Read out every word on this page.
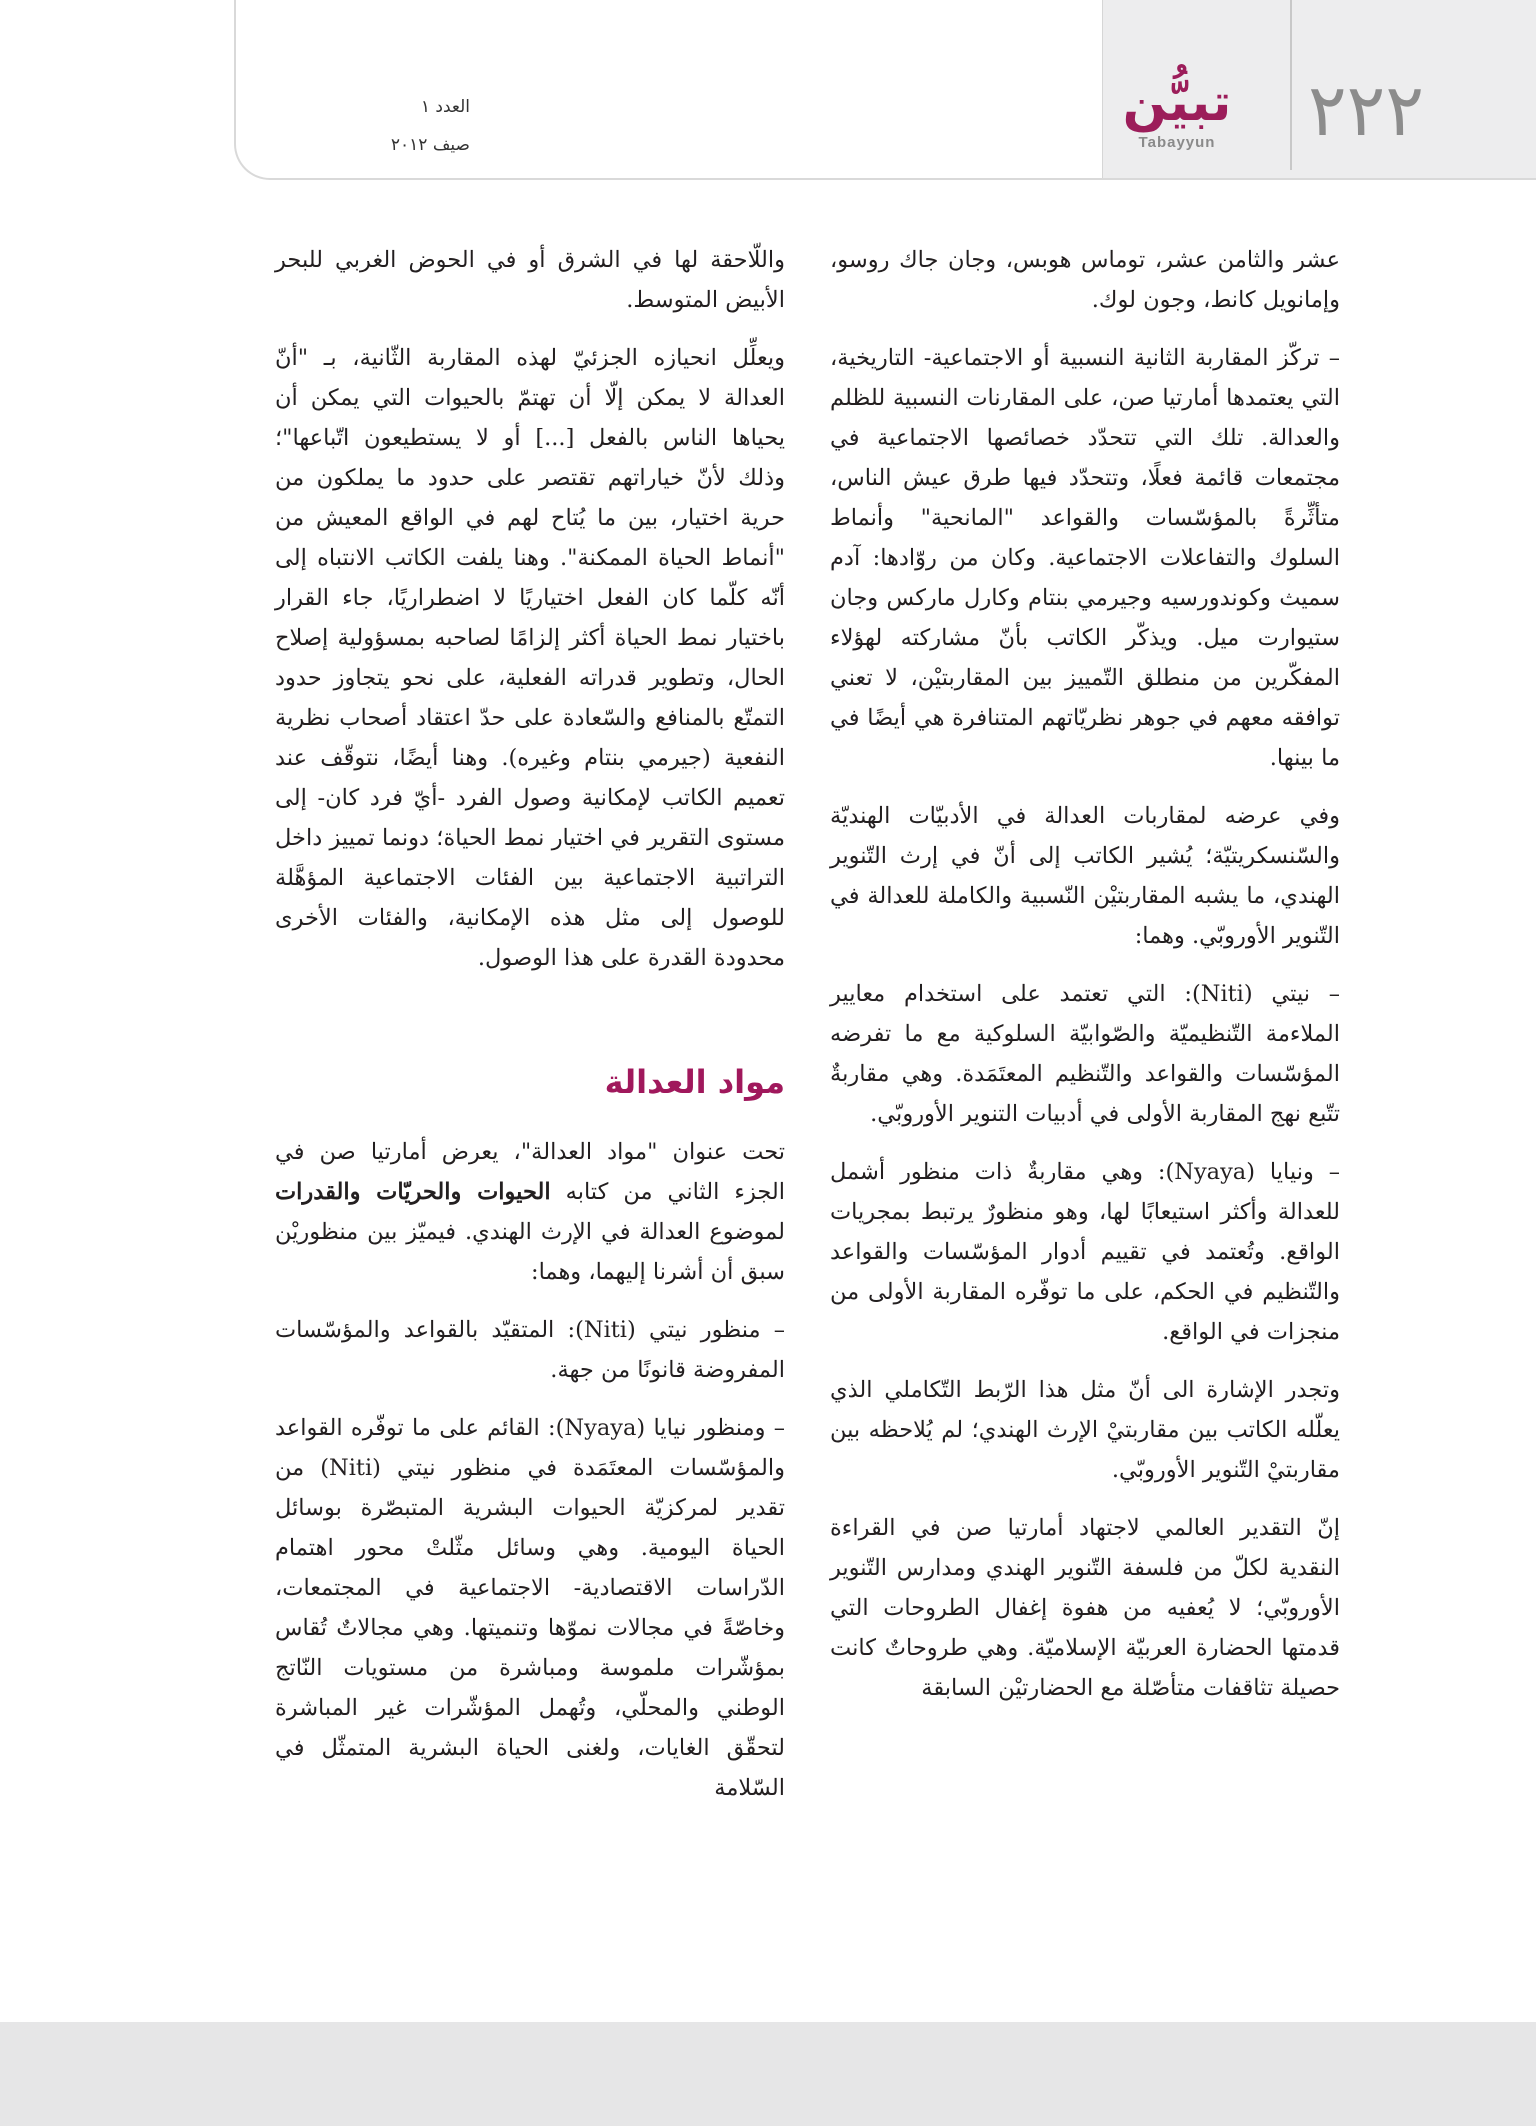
٢٢٢
تبيُّن
Tabayyun
العدد ١
صيف ٢٠١٢

عشر والثامن عشر، توماس هوبس، وجان جاك روسو، وإمانويل كانط، وجون لوك.

– تركّز المقاربة الثانية النسبية أو الاجتماعية- التاريخية، التي يعتمدها أمارتيا صن، على المقارنات النسبية للظلم والعدالة. تلك التي تتحدّد خصائصها الاجتماعية في مجتمعات قائمة فعلًا، وتتحدّد فيها طرق عيش الناس، متأثِّرةً بالمؤسّسات والقواعد "المانحية" وأنماط السلوك والتفاعلات الاجتماعية. وكان من روّادها: آدم سميث وكوندورسيه وجيرمي بنتام وكارل ماركس وجان ستيوارت ميل. ويذكّر الكاتب بأنّ مشاركته لهؤلاء المفكّرين من منطلق التّمييز بين المقاربتيْن، لا تعني توافقه معهم في جوهر نظريّاتهم المتنافرة هي أيضًا في ما بينها.

وفي عرضه لمقاربات العدالة في الأدبيّات الهنديّة والسّنسكريتيّة؛ يُشير الكاتب إلى أنّ في إرث التّنوير الهندي، ما يشبه المقاربتيْن النّسبية والكاملة للعدالة في التّنوير الأوروبّي. وهما:

– نيتي (Niti): التي تعتمد على استخدام معايير الملاءمة التّنظيميّة والصّوابيّة السلوكية مع ما تفرضه المؤسّسات والقواعد والتّنظيم المعتَمَدة. وهي مقاربةٌ تتّبع نهج المقاربة الأولى في أدبيات التنوير الأوروبّي.

– ونيايا (Nyaya): وهي مقاربةٌ ذات منظور أشمل للعدالة وأكثر استيعابًا لها، وهو منظورٌ يرتبط بمجريات الواقع. وتُعتمد في تقييم أدوار المؤسّسات والقواعد والتّنظيم في الحكم، على ما توفّره المقاربة الأولى من منجزات في الواقع.

وتجدر الإشارة الى أنّ مثل هذا الرّبط التّكاملي الذي يعلّله الكاتب بين مقاربتيْ الإرث الهندي؛ لم يُلاحظه بين مقاربتيْ التّنوير الأوروبّي.

إنّ التقدير العالمي لاجتهاد أمارتيا صن في القراءة النقدية لكلّ من فلسفة التّنوير الهندي ومدارس التّنوير الأوروبّي؛ لا يُعفيه من هفوة إغفال الطروحات التي قدمتها الحضارة العربيّة الإسلاميّة. وهي طروحاتٌ كانت حصيلة تثاقفات متأصّلة مع الحضارتيْن السابقة

واللّاحقة لها في الشرق أو في الحوض الغربي للبحر الأبيض المتوسط.

ويعلِّل انحيازه الجزئيّ لهذه المقاربة الثّانية، بـ "أنّ العدالة لا يمكن إلّا أن تهتمّ بالحيوات التي يمكن أن يحياها الناس بالفعل [...] أو لا يستطيعون اتّباعها"؛ وذلك لأنّ خياراتهم تقتصر على حدود ما يملكون من حرية اختيار، بين ما يُتاح لهم في الواقع المعيش من "أنماط الحياة الممكنة". وهنا يلفت الكاتب الانتباه إلى أنّه كلّما كان الفعل اختياريًا لا اضطراريًا، جاء القرار باختيار نمط الحياة أكثر إلزامًا لصاحبه بمسؤولية إصلاح الحال، وتطوير قدراته الفعلية، على نحو يتجاوز حدود التمتّع بالمنافع والسّعادة على حدّ اعتقاد أصحاب نظرية النفعية (جيرمي بنتام وغيره). وهنا أيضًا، نتوقّف عند تعميم الكاتب لإمكانية وصول الفرد -أيّ فرد كان- إلى مستوى التقرير في اختيار نمط الحياة؛ دونما تمييز داخل التراتبية الاجتماعية بين الفئات الاجتماعية المؤهَّلة للوصول إلى مثل هذه الإمكانية، والفئات الأخرى محدودة القدرة على هذا الوصول.

مواد العدالة

تحت عنوان "مواد العدالة"، يعرض أمارتيا صن في الجزء الثاني من كتابه الحيوات والحريّات والقدرات لموضوع العدالة في الإرث الهندي. فيميّز بين منظوريْن سبق أن أشرنا إليهما، وهما:

– منظور نيتي (Niti): المتقيّد بالقواعد والمؤسّسات المفروضة قانونًا من جهة.

– ومنظور نيايا (Nyaya): القائم على ما توفّره القواعد والمؤسّسات المعتَمَدة في منظور نيتي (Niti) من تقدير لمركزيّة الحيوات البشرية المتبصّرة بوسائل الحياة اليومية. وهي وسائل مثّلتْ محور اهتمام الدّراسات الاقتصادية- الاجتماعية في المجتمعات، وخاصّةً في مجالات نموّها وتنميتها. وهي مجالاتٌ تُقاس بمؤشّرات ملموسة ومباشرة من مستويات النّاتج الوطني والمحلّي، وتُهمل المؤشّرات غير المباشرة لتحقّق الغايات، ولغنى الحياة البشرية المتمثّل في السّلامة
